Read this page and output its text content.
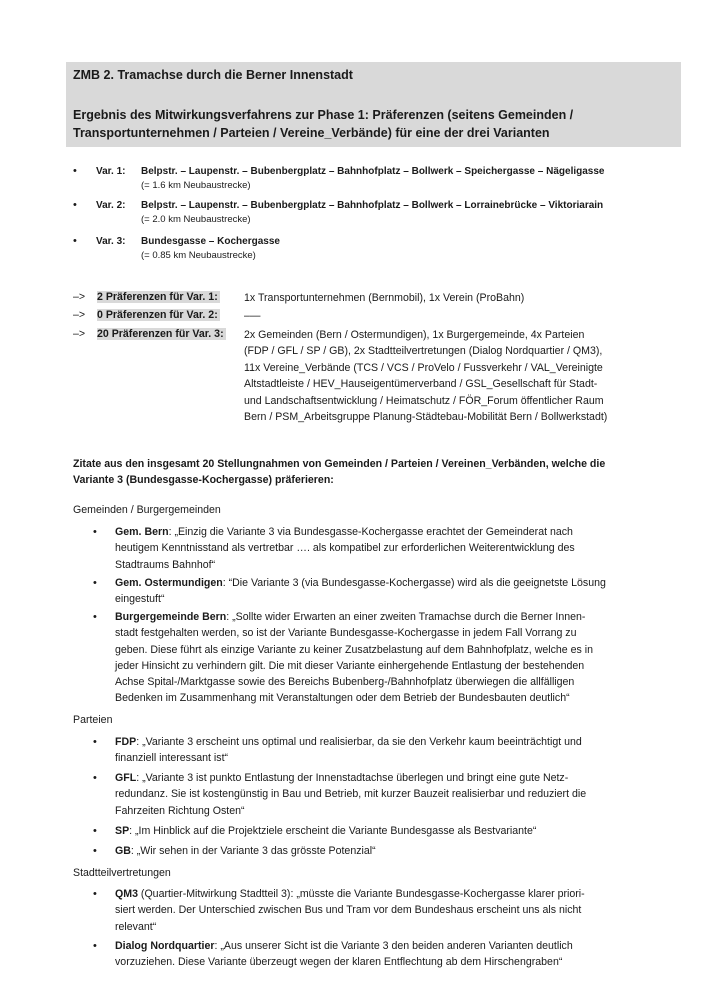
ZMB 2. Tramachse durch die Berner Innenstadt
Ergebnis des Mitwirkungsverfahrens zur Phase 1: Präferenzen (seitens Gemeinden /
Transportunternehmen / Parteien / Vereine_Verbände) für eine der drei Varianten
• Var. 1: Belpstr. – Laupenstr. – Bubenbergplatz – Bahnhofplatz – Bollwerk – Speichergasse – Nägeligasse
(= 1.6 km Neubaustrecke)
• Var. 2: Belpstr. – Laupenstr. – Bubenbergplatz – Bahnhofplatz – Bollwerk – Lorrainebrücke – Viktoriarain
(= 2.0 km Neubaustrecke)
• Var. 3: Bundesgasse – Kochergasse
(= 0.85 km Neubaustrecke)
–> 2 Präferenzen für Var. 1: 1x Transportunternehmen (Bernmobil), 1x Verein (ProBahn)
–> 0 Präferenzen für Var. 2: –—
–> 20 Präferenzen für Var. 3: 2x Gemeinden (Bern / Ostermundigen), 1x Burgergemeinde, 4x Parteien
(FDP / GFL / SP / GB), 2x Stadtteilvertretungen (Dialog Nordquartier / QM3),
11x Vereine_Verbände (TCS / VCS / ProVelo / Fussverkehr / VAL_Vereinigte
Altstadtleiste / HEV_Hauseigentümerverband / GSL_Gesellschaft für Stadt-
und Landschaftsentwicklung / Heimatschutz / FÖR_Forum öffentlicher Raum
Bern / PSM_Arbeitsgruppe Planung-Städtebau-Mobilität Bern / Bollwerkstadt)
Zitate aus den insgesamt 20 Stellungnahmen von Gemeinden / Parteien / Vereinen_Verbänden, welche die
Variante 3 (Bundesgasse-Kochergasse) präferieren:
Gemeinden / Burgergemeinden
• Gem. Bern: „Einzig die Variante 3 via Bundesgasse-Kochergasse erachtet der Gemeinderat nach
heutigem Kenntnisstand als vertretbar …. als kompatibel zur erforderlichen Weiterentwicklung des
Stadtraums Bahnhof“
• Gem. Ostermundigen: “Die Variante 3 (via Bundesgasse-Kochergasse) wird als die geeignetste Lösung
eingestuft“
• Burgergemeinde Bern: „Sollte wider Erwarten an einer zweiten Tramachse durch die Berner Innen-
stadt festgehalten werden, so ist der Variante Bundesgasse-Kochergasse in jedem Fall Vorrang zu
geben. Diese führt als einzige Variante zu keiner Zusatzbelastung auf dem Bahnhofplatz, welche es in
jeder Hinsicht zu verhindern gilt. Die mit dieser Variante einhergehende Entlastung der bestehenden
Achse Spital-/Marktgasse sowie des Bereichs Bubenberg-/Bahnhofplatz überwiegen die allfälligen
Bedenken im Zusammenhang mit Veranstaltungen oder dem Betrieb der Bundesbauten deutlich“
Parteien
• FDP: „Variante 3 erscheint uns optimal und realisierbar, da sie den Verkehr kaum beeinträchtigt und
finanziell interessant ist“
• GFL: „Variante 3 ist punkto Entlastung der Innenstadtachse überlegen und bringt eine gute Netz-
redundanz. Sie ist kostengünstig in Bau und Betrieb, mit kurzer Bauzeit realisierbar und reduziert die
Fahrzeiten Richtung Osten“
• SP: „Im Hinblick auf die Projektziele erscheint die Variante Bundesgasse als Bestvariante“
• GB: „Wir sehen in der Variante 3 das grösste Potenzial“
Stadtteilvertretungen
• QM3 (Quartier-Mitwirkung Stadtteil 3): „müsste die Variante Bundesgasse-Kochergasse klarer priori-
siert werden. Der Unterschied zwischen Bus und Tram vor dem Bundeshaus erscheint uns als nicht
relevant“
• Dialog Nordquartier: „Aus unserer Sicht ist die Variante 3 den beiden anderen Varianten deutlich
vorzuziehen. Diese Variante überzeugt wegen der klaren Entflechtung ab dem Hirschengraben“
